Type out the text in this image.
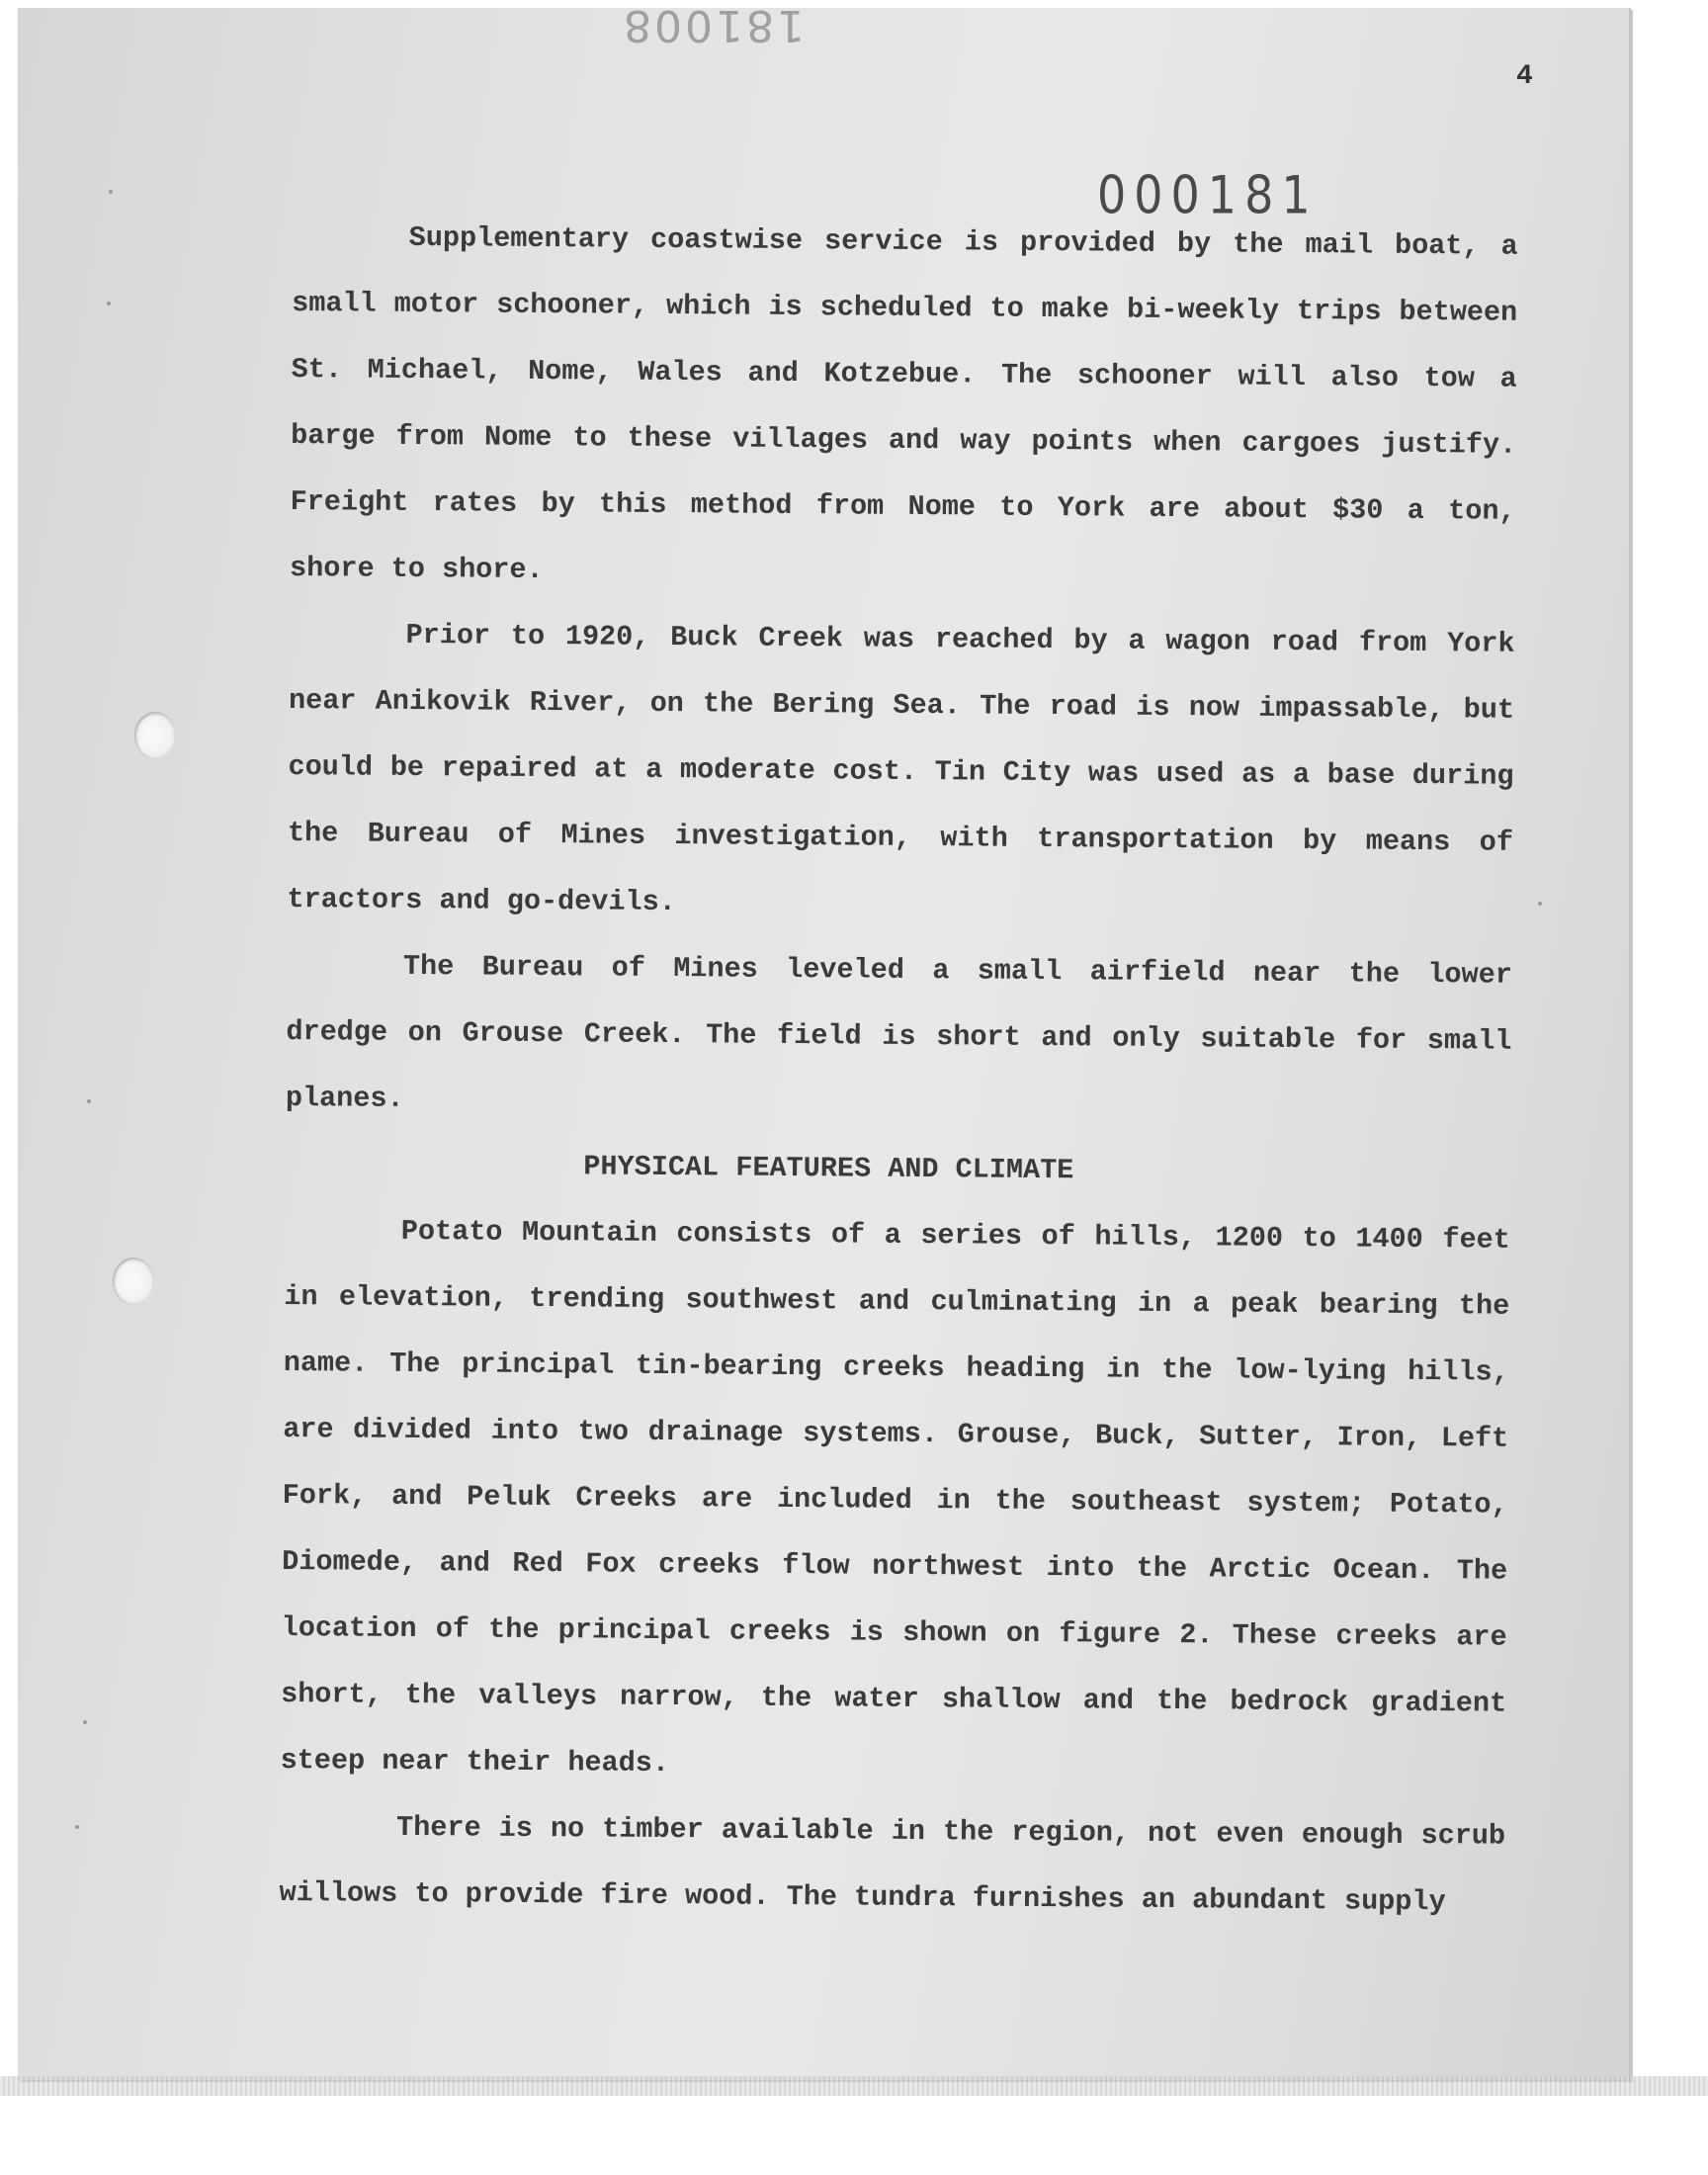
181008
4
000181

Supplementary coastwise service is provided by the mail boat, a small motor schooner, which is scheduled to make bi-weekly trips between St. Michael, Nome, Wales and Kotzebue. The schooner will also tow a barge from Nome to these villages and way points when cargoes justify. Freight rates by this method from Nome to York are about $30 a ton, shore to shore.

Prior to 1920, Buck Creek was reached by a wagon road from York near Anikovik River, on the Bering Sea. The road is now impassable, but could be repaired at a moderate cost. Tin City was used as a base during the Bureau of Mines investigation, with transportation by means of tractors and go-devils.

The Bureau of Mines leveled a small airfield near the lower dredge on Grouse Creek. The field is short and only suitable for small planes.

PHYSICAL FEATURES AND CLIMATE

Potato Mountain consists of a series of hills, 1200 to 1400 feet in elevation, trending southwest and culminating in a peak bearing the name. The principal tin-bearing creeks heading in the low-lying hills, are divided into two drainage systems. Grouse, Buck, Sutter, Iron, Left Fork, and Peluk Creeks are included in the southeast system; Potato, Diomede, and Red Fox creeks flow northwest into the Arctic Ocean. The location of the principal creeks is shown on figure 2. These creeks are short, the valleys narrow, the water shallow and the bedrock gradient steep near their heads.

There is no timber available in the region, not even enough scrub willows to provide fire wood. The tundra furnishes an abundant supply
